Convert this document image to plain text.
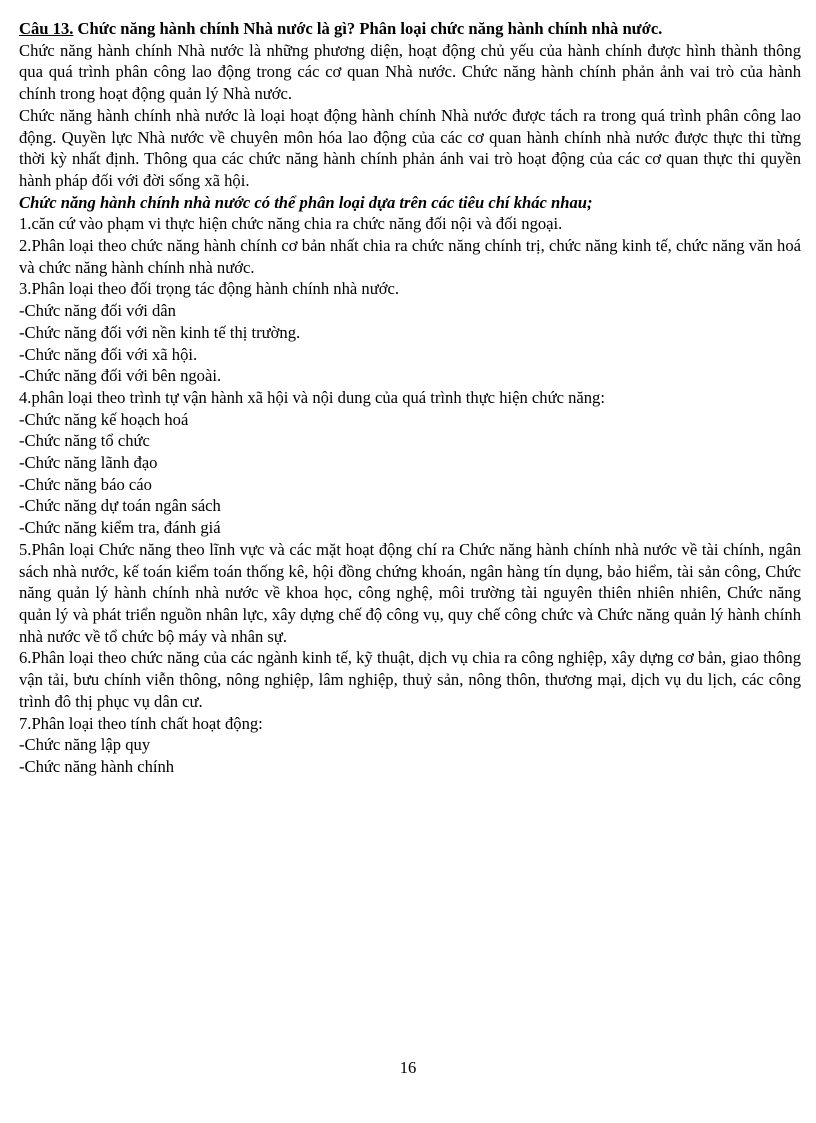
Câu 13. Chức năng hành chính Nhà nước là gì? Phân loại chức năng hành chính nhà nước.

Chức năng hành chính Nhà nước là những phương diện, hoạt động chủ yếu của hành chính được hình thành thông qua quá trình phân công lao động trong các cơ quan Nhà nước. Chức năng hành chính phản ảnh vai trò của hành chính trong hoạt động quản lý Nhà nước.

Chức năng hành chính nhà nước là loại hoạt động hành chính Nhà nước được tách ra trong quá trình phân công lao động. Quyền lực Nhà nước về chuyên môn hóa lao động của các cơ quan hành chính nhà nước được thực thi từng thời kỳ nhất định. Thông qua các chức năng hành chính phản ánh vai trò hoạt động của các cơ quan thực thi quyền hành pháp đối với đời sống xã hội.

Chức năng hành chính nhà nước có thể phân loại dựa trên các tiêu chí khác nhau;

1.căn cứ vào phạm vi thực hiện chức năng chia ra chức năng đối nội và đối ngoại.

2.Phân loại theo chức năng hành chính cơ bản nhất chia ra chức năng chính trị, chức năng kinh tế, chức năng văn hoá và chức năng hành chính nhà nước.

3.Phân loại theo đối trọng tác động hành chính nhà nước.

-Chức năng đối với dân

-Chức năng đối với nền kinh tế thị trường.

-Chức năng đối với xã hội.

-Chức năng đối với bên ngoài.

4.phân loại theo trình tự vận hành xã hội và nội dung của quá trình thực hiện chức năng:

-Chức năng kế hoạch hoá

-Chức năng tổ chức

-Chức năng lãnh đạo

-Chức năng báo cáo

-Chức năng dự toán ngân sách

-Chức năng kiểm tra, đánh giá

5.Phân loại Chức năng theo lĩnh vực và các mặt hoạt động chí ra Chức năng hành chính nhà nước về tài chính, ngân sách nhà nước, kế toán kiểm toán thống kê, hội đồng chứng khoán, ngân hàng tín dụng, bảo hiểm, tài sản công, Chức năng quản lý hành chính nhà nước về khoa học, công nghệ, môi trường tài nguyên thiên nhiên nhiên, Chức năng quản lý và phát triển nguồn nhân lực, xây dựng chế độ công vụ, quy chế công chức và Chức năng quản lý hành chính nhà nước về tổ chức bộ máy và nhân sự.

6.Phân loại theo chức năng của các ngành kinh tế, kỹ thuật, dịch vụ chia ra công nghiệp, xây dựng cơ bản, giao thông vận tải, bưu chính viễn thông, nông nghiệp, lâm nghiệp, thuỷ sản, nông thôn, thương mại, dịch vụ du lịch, các công trình đô thị phục vụ dân cư.

7.Phân loại theo tính chất hoạt động:

-Chức năng lập quy

-Chức năng hành chính

16
